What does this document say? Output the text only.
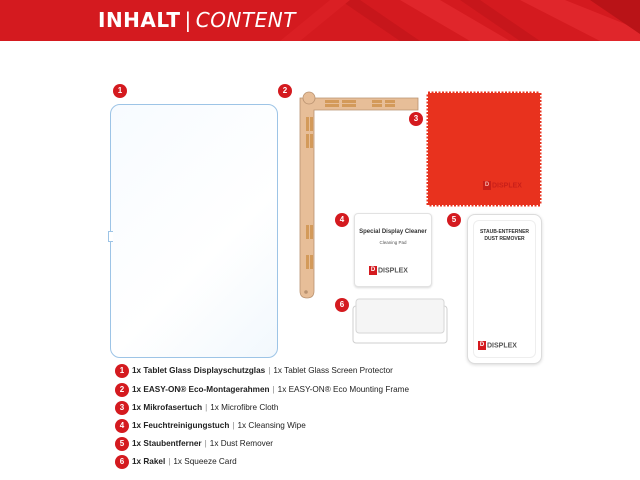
INHALT | CONTENT
1	2
3
D DISPLEX
4
Special Display Cleaner
Cleaning Pad
D DISPLEX
5
STAUB-ENTFERNER
DUST REMOVER
D DISPLEX
6
1 1x Tablet Glass Displayschutzglas | 1x Tablet Glass Screen Protector
2 1x EASY-ON® Eco-Montagerahmen | 1x EASY-ON® Eco Mounting Frame
3 1x Mikrofasertuch | 1x Microfibre Cloth
4 1x Feuchtreinigungstuch | 1x Cleansing Wipe
5 1x Staubentferner | 1x Dust Remover
6 1x Rakel | 1x Squeeze Card
